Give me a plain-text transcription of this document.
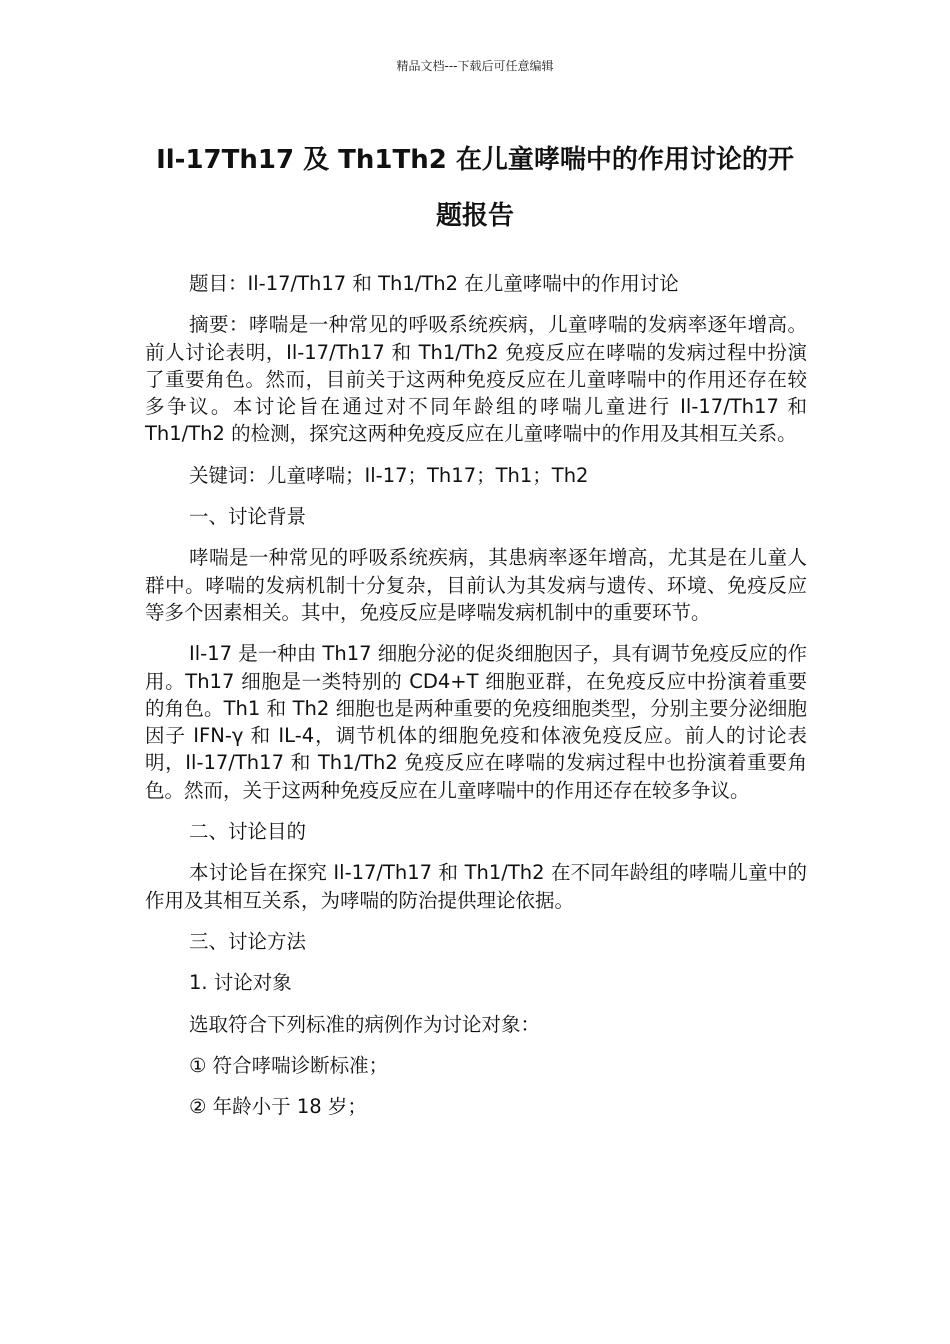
精品文档---下载后可任意编辑
Il-17Th17 及 Th1Th2 在儿童哮喘中的作用讨论的开题报告

题目：Il-17/Th17 和 Th1/Th2 在儿童哮喘中的作用讨论

摘要：哮喘是一种常见的呼吸系统疾病，儿童哮喘的发病率逐年增高。前人讨论表明，Il-17/Th17 和 Th1/Th2 免疫反应在哮喘的发病过程中扮演了重要角色。然而，目前关于这两种免疫反应在儿童哮喘中的作用还存在较多争议。本讨论旨在通过对不同年龄组的哮喘儿童进行 Il-17/Th17 和 Th1/Th2 的检测，探究这两种免疫反应在儿童哮喘中的作用及其相互关系。

关键词：儿童哮喘；Il-17；Th17；Th1；Th2

一、讨论背景

哮喘是一种常见的呼吸系统疾病，其患病率逐年增高，尤其是在儿童人群中。哮喘的发病机制十分复杂，目前认为其发病与遗传、环境、免疫反应等多个因素相关。其中，免疫反应是哮喘发病机制中的重要环节。

Il-17 是一种由 Th17 细胞分泌的促炎细胞因子，具有调节免疫反应的作用。Th17 细胞是一类特别的 CD4+T 细胞亚群，在免疫反应中扮演着重要的角色。Th1 和 Th2 细胞也是两种重要的免疫细胞类型，分别主要分泌细胞因子 IFN-γ 和 IL-4，调节机体的细胞免疫和体液免疫反应。前人的讨论表明，Il-17/Th17 和 Th1/Th2 免疫反应在哮喘的发病过程中也扮演着重要角色。然而，关于这两种免疫反应在儿童哮喘中的作用还存在较多争议。

二、讨论目的

本讨论旨在探究 Il-17/Th17 和 Th1/Th2 在不同年龄组的哮喘儿童中的作用及其相互关系，为哮喘的防治提供理论依据。

三、讨论方法

1. 讨论对象

选取符合下列标准的病例作为讨论对象：

① 符合哮喘诊断标准；

② 年龄小于 18 岁；
